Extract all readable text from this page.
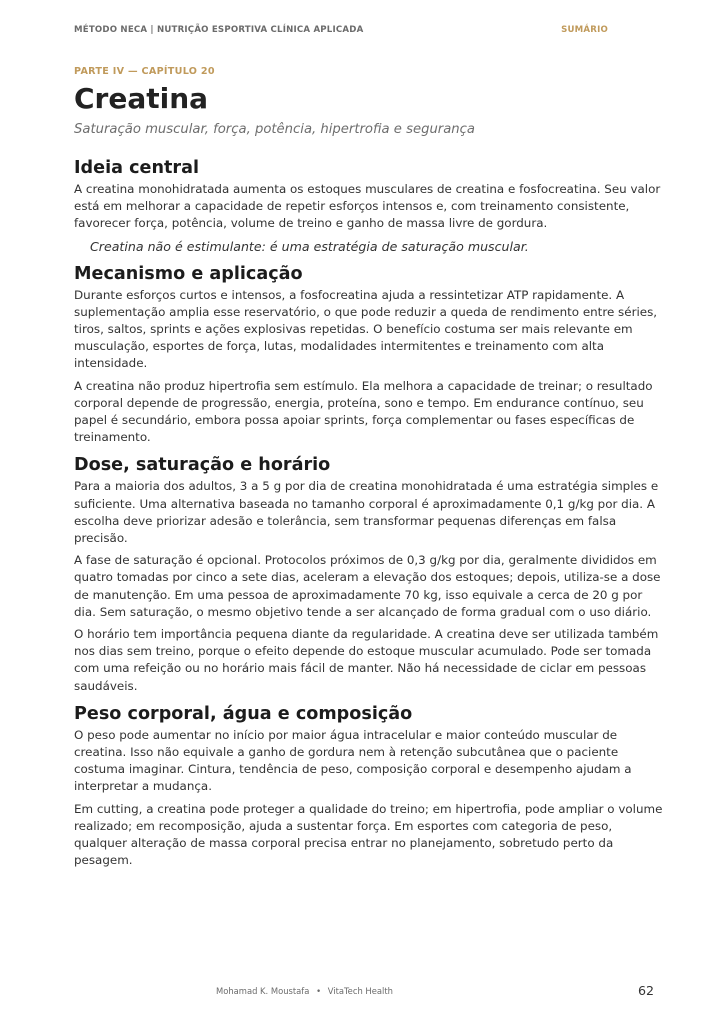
MÉTODO NECA | NUTRIÇÃO ESPORTIVA CLÍNICA APLICADA	SUMÁRIO
PARTE IV — CAPÍTULO 20
Creatina
Saturação muscular, força, potência, hipertrofia e segurança
Ideia central

A creatina monohidratada aumenta os estoques musculares de creatina e fosfocreatina. Seu valor está em melhorar a capacidade de repetir esforços intensos e, com treinamento consistente, favorecer força, potência, volume de treino e ganho de massa livre de gordura.

Creatina não é estimulante: é uma estratégia de saturação muscular.
Mecanismo e aplicação

Durante esforços curtos e intensos, a fosfocreatina ajuda a ressintetizar ATP rapidamente. A suplementação amplia esse reservatório, o que pode reduzir a queda de rendimento entre séries, tiros, saltos, sprints e ações explosivas repetidas. O benefício costuma ser mais relevante em musculação, esportes de força, lutas, modalidades intermitentes e treinamento com alta intensidade.

A creatina não produz hipertrofia sem estímulo. Ela melhora a capacidade de treinar; o resultado corporal depende de progressão, energia, proteína, sono e tempo. Em endurance contínuo, seu papel é secundário, embora possa apoiar sprints, força complementar ou fases específicas de treinamento.

Dose, saturação e horário

Para a maioria dos adultos, 3 a 5 g por dia de creatina monohidratada é uma estratégia simples e suficiente. Uma alternativa baseada no tamanho corporal é aproximadamente 0,1 g/kg por dia. A escolha deve priorizar adesão e tolerância, sem transformar pequenas diferenças em falsa precisão.

A fase de saturação é opcional. Protocolos próximos de 0,3 g/kg por dia, geralmente divididos em quatro tomadas por cinco a sete dias, aceleram a elevação dos estoques; depois, utiliza-se a dose de manutenção. Em uma pessoa de aproximadamente 70 kg, isso equivale a cerca de 20 g por dia. Sem saturação, o mesmo objetivo tende a ser alcançado de forma gradual com o uso diário.

O horário tem importância pequena diante da regularidade. A creatina deve ser utilizada também nos dias sem treino, porque o efeito depende do estoque muscular acumulado. Pode ser tomada com uma refeição ou no horário mais fácil de manter. Não há necessidade de ciclar em pessoas saudáveis.

Peso corporal, água e composição

O peso pode aumentar no início por maior água intracelular e maior conteúdo muscular de creatina. Isso não equivale a ganho de gordura nem à retenção subcutânea que o paciente costuma imaginar. Cintura, tendência de peso, composição corporal e desempenho ajudam a interpretar a mudança.

Em cutting, a creatina pode proteger a qualidade do treino; em hipertrofia, pode ampliar o volume realizado; em recomposição, ajuda a sustentar força. Em esportes com categoria de peso, qualquer alteração de massa corporal precisa entrar no planejamento, sobretudo perto da pesagem.

Mohamad K. Moustafa • VitaTech Health	62
